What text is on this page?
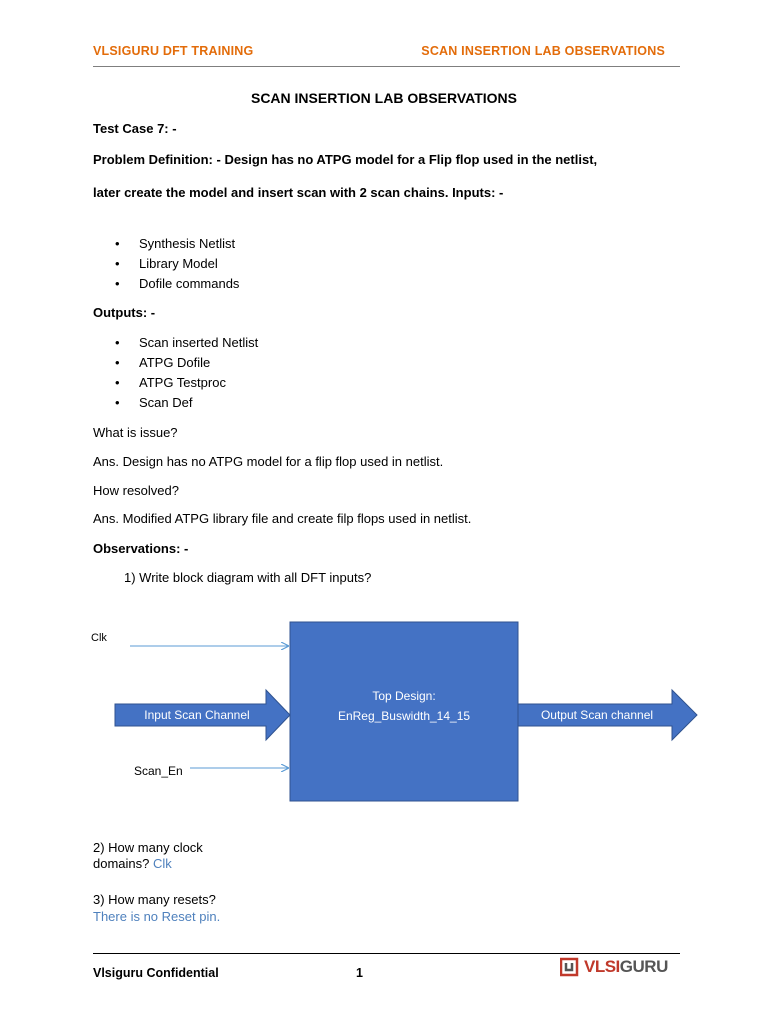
VLSIGURU DFT TRAINING	SCAN INSERTION LAB OBSERVATIONS
SCAN INSERTION LAB OBSERVATIONS
Test Case 7: -
Problem Definition: - Design has no ATPG model for a Flip flop used in the netlist,
later create the model and insert scan with 2 scan chains. Inputs: -
• Synthesis Netlist
• Library Model
• Dofile commands
Outputs: -
• Scan inserted Netlist
• ATPG Dofile
• ATPG Testproc
• Scan Def
What is issue?
Ans. Design has no ATPG model for a flip flop used in netlist.
How resolved?
Ans. Modified ATPG library file and create filp flops used in netlist.
Observations: -
1) Write block diagram with all DFT inputs?
Top Design:
EnReg_Buswidth_14_15
Clk
Input Scan Channel	Output Scan channel
Scan_En
2) How many clock
domains? Clk
3) How many resets?
There is no Reset pin.
Vlsiguru Confidential	1	VLSIGURU
